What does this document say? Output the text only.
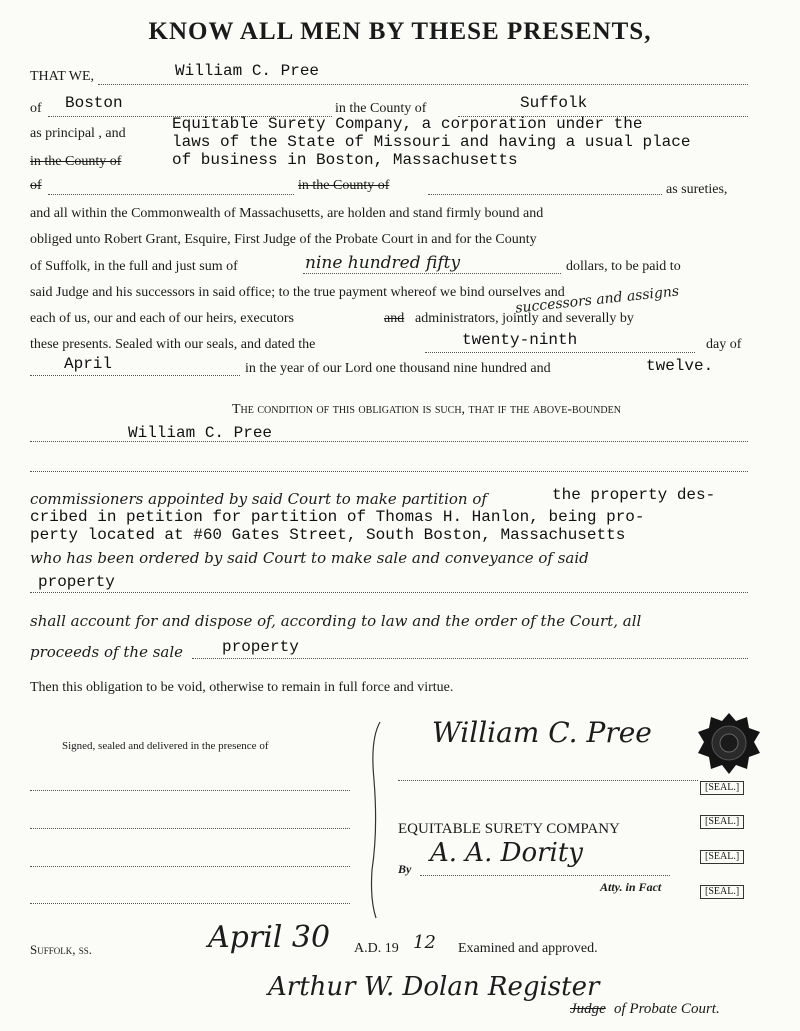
KNOW ALL MEN BY THESE PRESENTS,
THAT WE,	William C. Pree
of Boston	in the County of	Suffolk
as principal , and
Equitable Surety Company, a corporation under the
laws of the State of Missouri and having a usual place
in the County of	of business in Boston, Massachusetts
of	in the County of	as sureties,
and all within the Commonwealth of Massachusetts, are holden and stand firmly bound and
obliged unto Robert Grant, Esquire, First Judge of the Probate Court in and for the County
of Suffolk, in the full and just sum of	nine hundred fifty	dollars, to be paid to
said Judge and his successors in said office; to the true payment whereof we bind ourselves and
successors and assigns
each of us, our and each of our heirs, executors	and administrators, jointly and severally by
these presents. Sealed with our seals, and dated the	twenty-ninth	day of
April	in the year of our Lord one thousand nine hundred and	twelve.
The condition of this obligation is such, that if the above-bounden
William C. Pree
commissioners appointed by said Court to make partition of	the property des-
cribed in petition for partition of Thomas H. Hanlon, being pro-
perty located at #60 Gates Street, South Boston, Massachusetts
who has been ordered by said Court to make sale and conveyance of said
property
shall account for and dispose of, according to law and the order of the Court, all
proceeds of the sale property
Then this obligation to be void, otherwise to remain in full force and virtue.
Signed, sealed and delivered in the presence of	William C. Pree
[SEAL.]
EQUITABLE SURETY COMPANY	[SEAL.]
By
A. A. Dority	[SEAL.]
Atty. in Fact	[SEAL.]
Suffolk, ss.	April 30 A.D. 19 12 Examined and approved.
Arthur W. Dolan Register
Judge of Probate Court.
